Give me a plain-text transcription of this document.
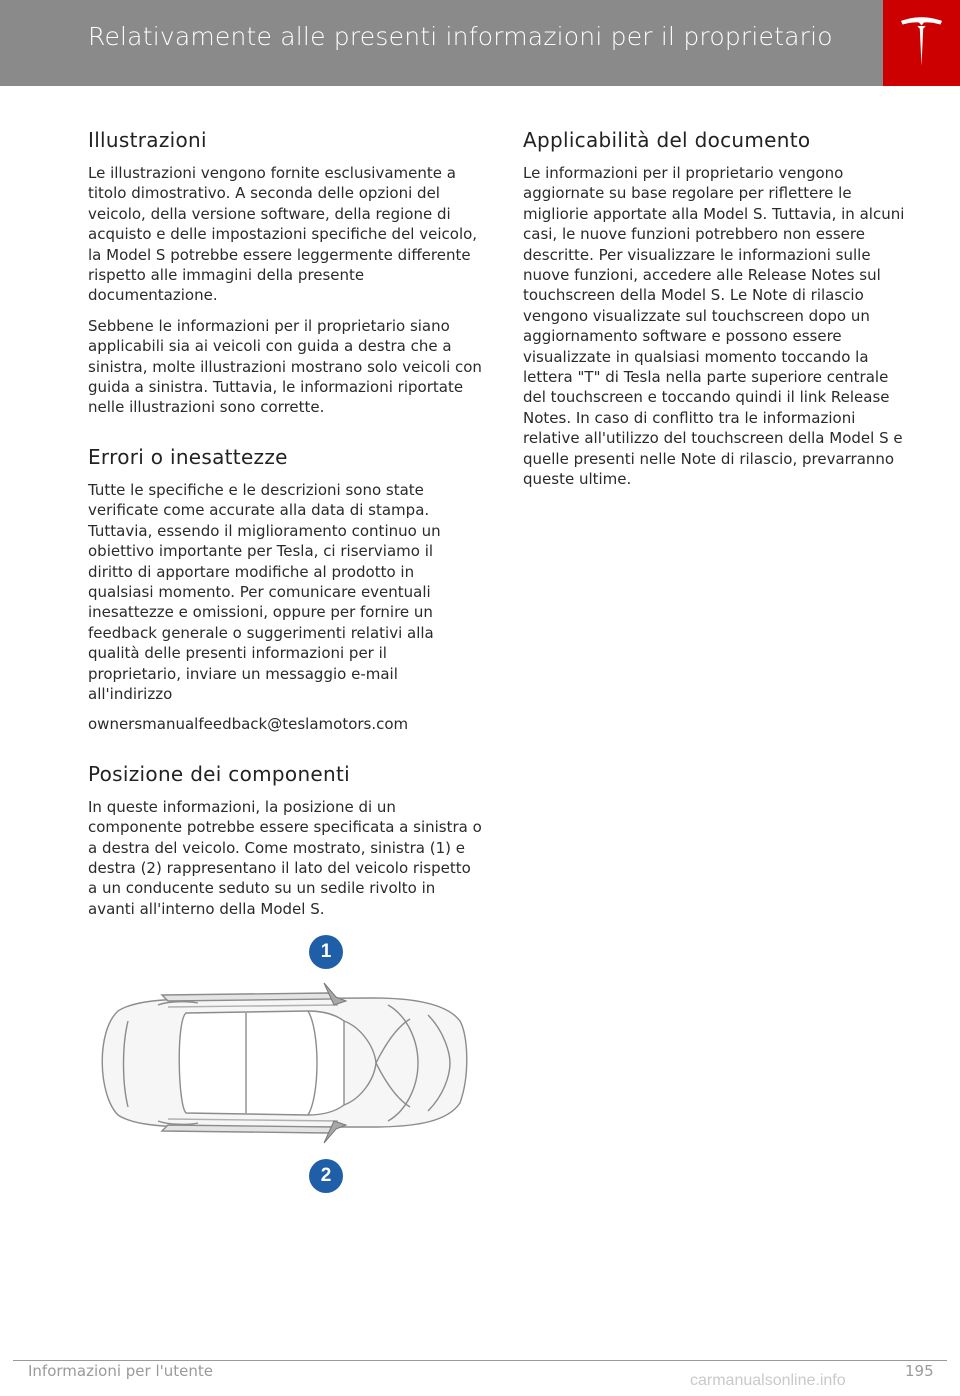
Relativamente alle presenti informazioni per il proprietario
Illustrazioni

Le illustrazioni vengono fornite esclusivamente a titolo dimostrativo. A seconda delle opzioni del veicolo, della versione software, della regione di acquisto e delle impostazioni specifiche del veicolo, la Model S potrebbe essere leggermente differente rispetto alle immagini della presente documentazione.

Sebbene le informazioni per il proprietario siano applicabili sia ai veicoli con guida a destra che a sinistra, molte illustrazioni mostrano solo veicoli con guida a sinistra. Tuttavia, le informazioni riportate nelle illustrazioni sono corrette.

Errori o inesattezze

Tutte le specifiche e le descrizioni sono state verificate come accurate alla data di stampa. Tuttavia, essendo il miglioramento continuo un obiettivo importante per Tesla, ci riserviamo il diritto di apportare modifiche al prodotto in qualsiasi momento. Per comunicare eventuali inesattezze e omissioni, oppure per fornire un feedback generale o suggerimenti relativi alla qualità delle presenti informazioni per il proprietario, inviare un messaggio e-mail all'indirizzo

ownersmanualfeedback@teslamotors.com

Posizione dei componenti

In queste informazioni, la posizione di un componente potrebbe essere specificata a sinistra o a destra del veicolo. Come mostrato, sinistra (1) e destra (2) rappresentano il lato del veicolo rispetto a un conducente seduto su un sedile rivolto in avanti all'interno della Model S.

1
2
Applicabilità del documento

Le informazioni per il proprietario vengono aggiornate su base regolare per riflettere le migliorie apportate alla Model S. Tuttavia, in alcuni casi, le nuove funzioni potrebbero non essere descritte. Per visualizzare le informazioni sulle nuove funzioni, accedere alle Release Notes sul touchscreen della Model S. Le Note di rilascio vengono visualizzate sul touchscreen dopo un aggiornamento software e possono essere visualizzate in qualsiasi momento toccando la lettera "T" di Tesla nella parte superiore centrale del touchscreen e toccando quindi il link Release Notes. In caso di conflitto tra le informazioni relative all'utilizzo del touchscreen della Model S e quelle presenti nelle Note di rilascio, prevarranno queste ultime.

Informazioni per l'utente	195
carmanualsonline.info
